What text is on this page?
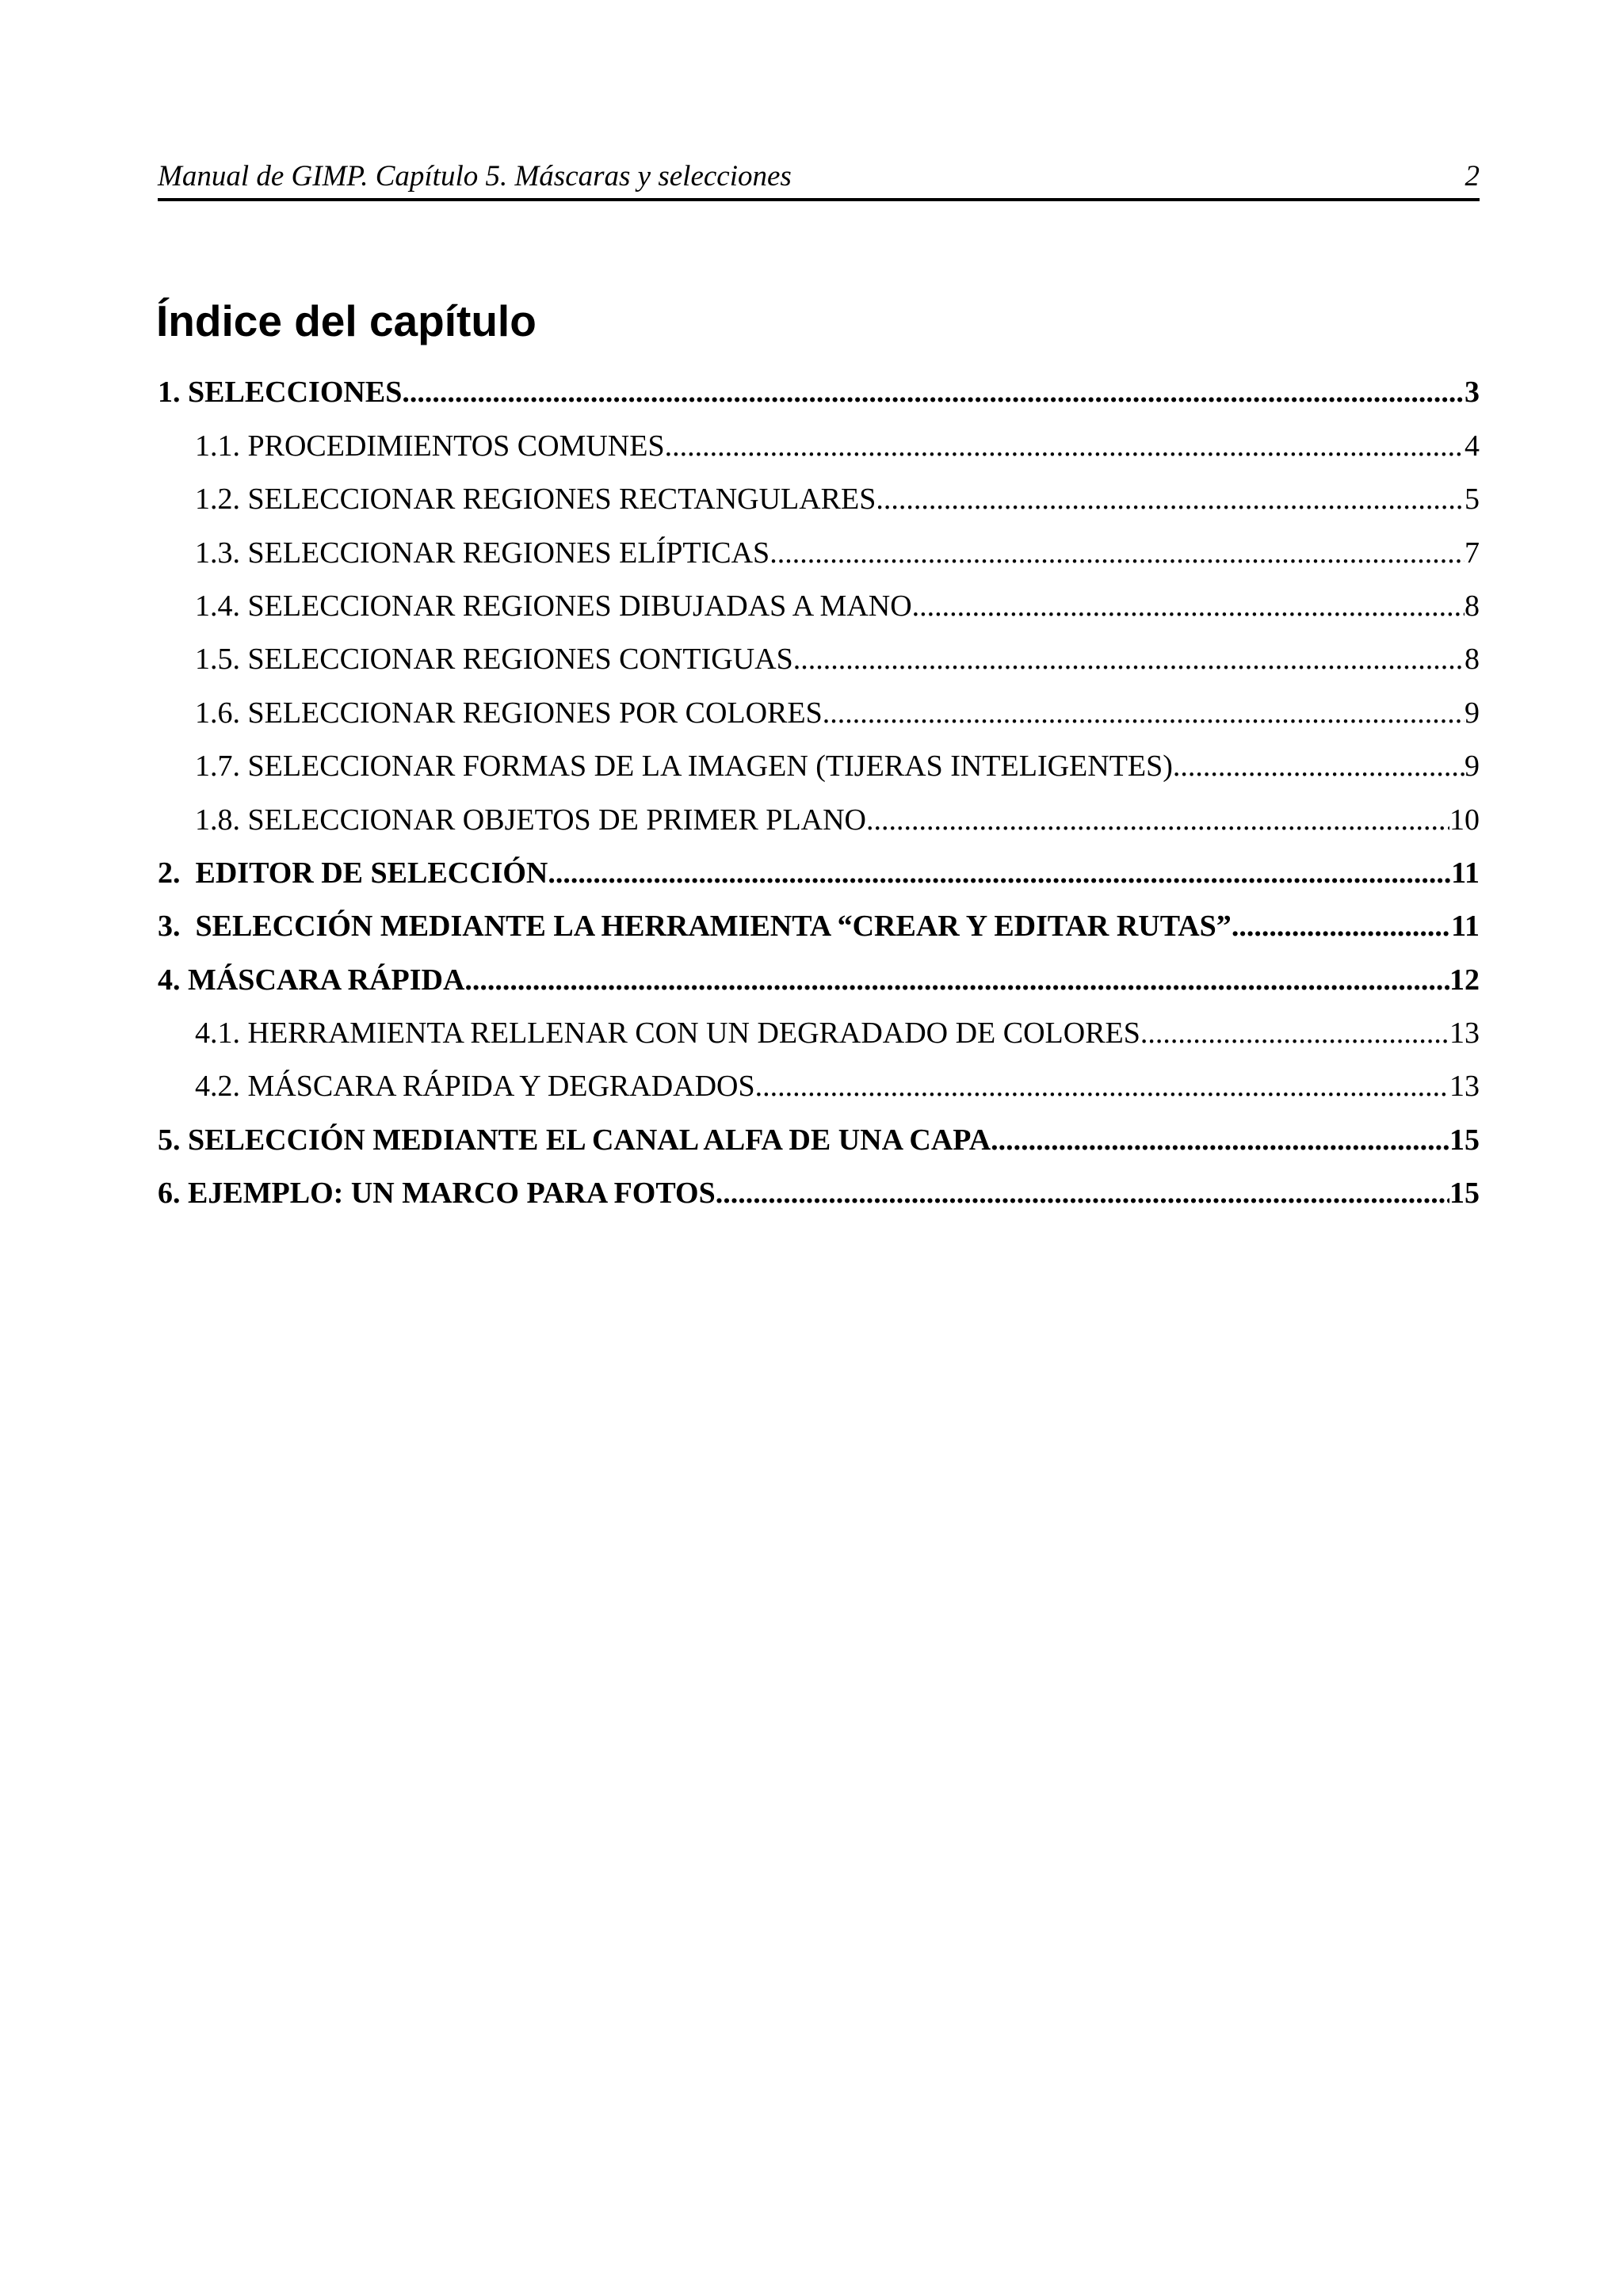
Manual de GIMP. Capítulo 5. Máscaras y selecciones	2
Índice del capítulo
1. SELECCIONES .....	3
1.1. PROCEDIMIENTOS COMUNES .....	4
1.2. SELECCIONAR REGIONES RECTANGULARES .....	5
1.3. SELECCIONAR REGIONES ELÍPTICAS .....	7
1.4. SELECCIONAR REGIONES DIBUJADAS A MANO .....	8
1.5. SELECCIONAR REGIONES CONTIGUAS .....	8
1.6. SELECCIONAR REGIONES POR COLORES .....	9
1.7. SELECCIONAR FORMAS DE LA IMAGEN (TIJERAS INTELIGENTES) .....	9
1.8. SELECCIONAR OBJETOS DE PRIMER PLANO .....	10
2.  EDITOR DE SELECCIÓN .....	11
3.  SELECCIÓN MEDIANTE LA HERRAMIENTA “CREAR Y EDITAR RUTAS” .....	11
4. MÁSCARA RÁPIDA .....	12
4.1. HERRAMIENTA RELLENAR CON UN DEGRADADO DE COLORES .....	13
4.2. MÁSCARA RÁPIDA Y DEGRADADOS .....	13
5. SELECCIÓN MEDIANTE EL CANAL ALFA DE UNA CAPA .....	15
6. EJEMPLO: UN MARCO PARA FOTOS .....	15
